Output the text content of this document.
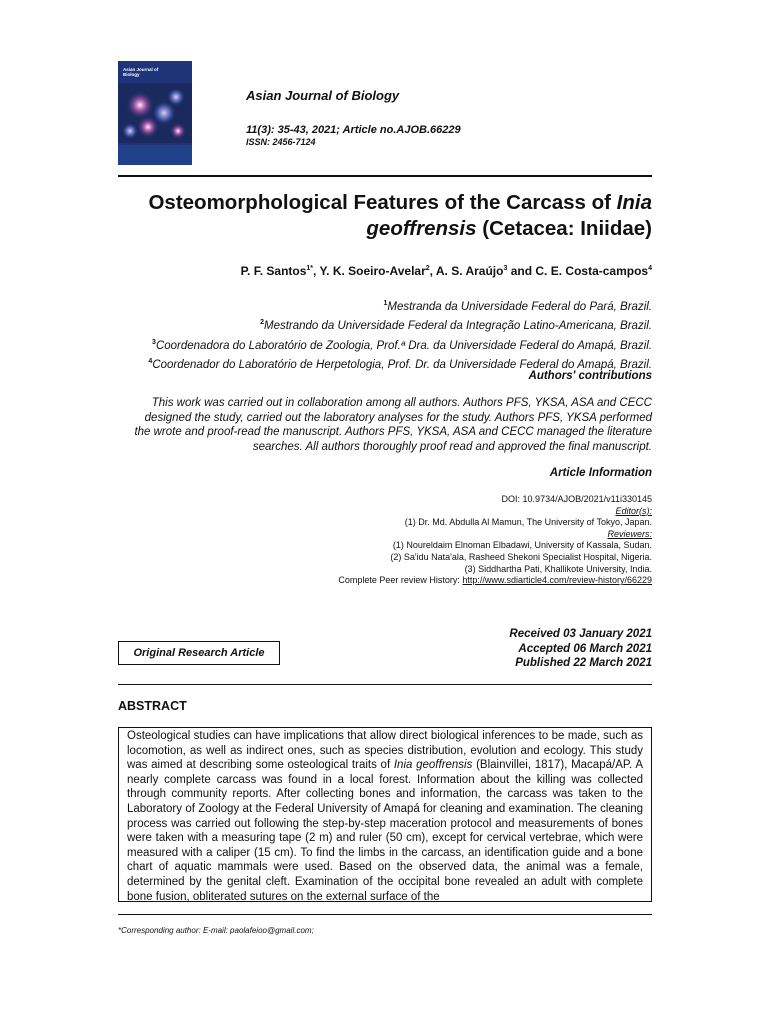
Asian Journal of
Biology
Asian Journal of Biology
11(3): 35-43, 2021; Article no.AJOB.66229
ISSN: 2456-7124
Osteomorphological Features of the Carcass of Inia
geoffrensis (Cetacea: Iniidae)
P. F. Santos$^{1*}$, Y. K. Soeiro-Avelar$^2$, A. S. Araújo$^3$ and C. E. Costa-campos$^4$
$^1$Mestranda da Universidade Federal do Pará, Brazil.
$^2$Mestrando da Universidade Federal da Integração Latino-Americana, Brazil.
$^3$Coordenadora do Laboratório de Zoologia, Prof.ª Dra. da Universidade Federal do Amapá, Brazil.
$^4$Coordenador do Laboratório de Herpetologia, Prof. Dr. da Universidade Federal do Amapá, Brazil.
Authors' contributions
This work was carried out in collaboration among all authors. Authors PFS, YKSA, ASA and CECC
designed the study, carried out the laboratory analyses for the study. Authors PFS, YKSA performed
the wrote and proof-read the manuscript. Authors PFS, YKSA, ASA and CECC managed the literature
searches. All authors thoroughly proof read and approved the final manuscript.
Article Information
DOI: 10.9734/AJOB/2021/v11i330145
Editor(s):
(1) Dr. Md. Abdulla Al Mamun, The University of Tokyo, Japan.
Reviewers:
(1) Noureldaim Elnoman Elbadawi, University of Kassala, Sudan.
(2) Sa'idu Nata'ala, Rasheed Shekoni Specialist Hospital, Nigeria.
(3) Siddhartha Pati, Khallikote University, India.
Complete Peer review History: http://www.sdiarticle4.com/review-history/66229
Original Research Article
Received 03 January 2021
Accepted 06 March 2021
Published 22 March 2021
ABSTRACT

Osteological studies can have implications that allow direct biological inferences to be made, such as locomotion, as well as indirect ones, such as species distribution, evolution and ecology. This study was aimed at describing some osteological traits of Inia geoffrensis (Blainvillei, 1817), Macapá/AP. A nearly complete carcass was found in a local forest. Information about the killing was collected through community reports. After collecting bones and information, the carcass was taken to the Laboratory of Zoology at the Federal University of Amapá for cleaning and examination. The cleaning process was carried out following the step-by-step maceration protocol and measurements of bones were taken with a measuring tape (2 m) and ruler (50 cm), except for cervical vertebrae, which were measured with a caliper (15 cm). To find the limbs in the carcass, an identification guide and a bone chart of aquatic mammals were used. Based on the observed data, the animal was a female, determined by the genital cleft. Examination of the occipital bone revealed an adult with complete bone fusion, obliterated sutures on the external surface of the

*Corresponding author: E-mail: paolafeioo@gmail.com;
